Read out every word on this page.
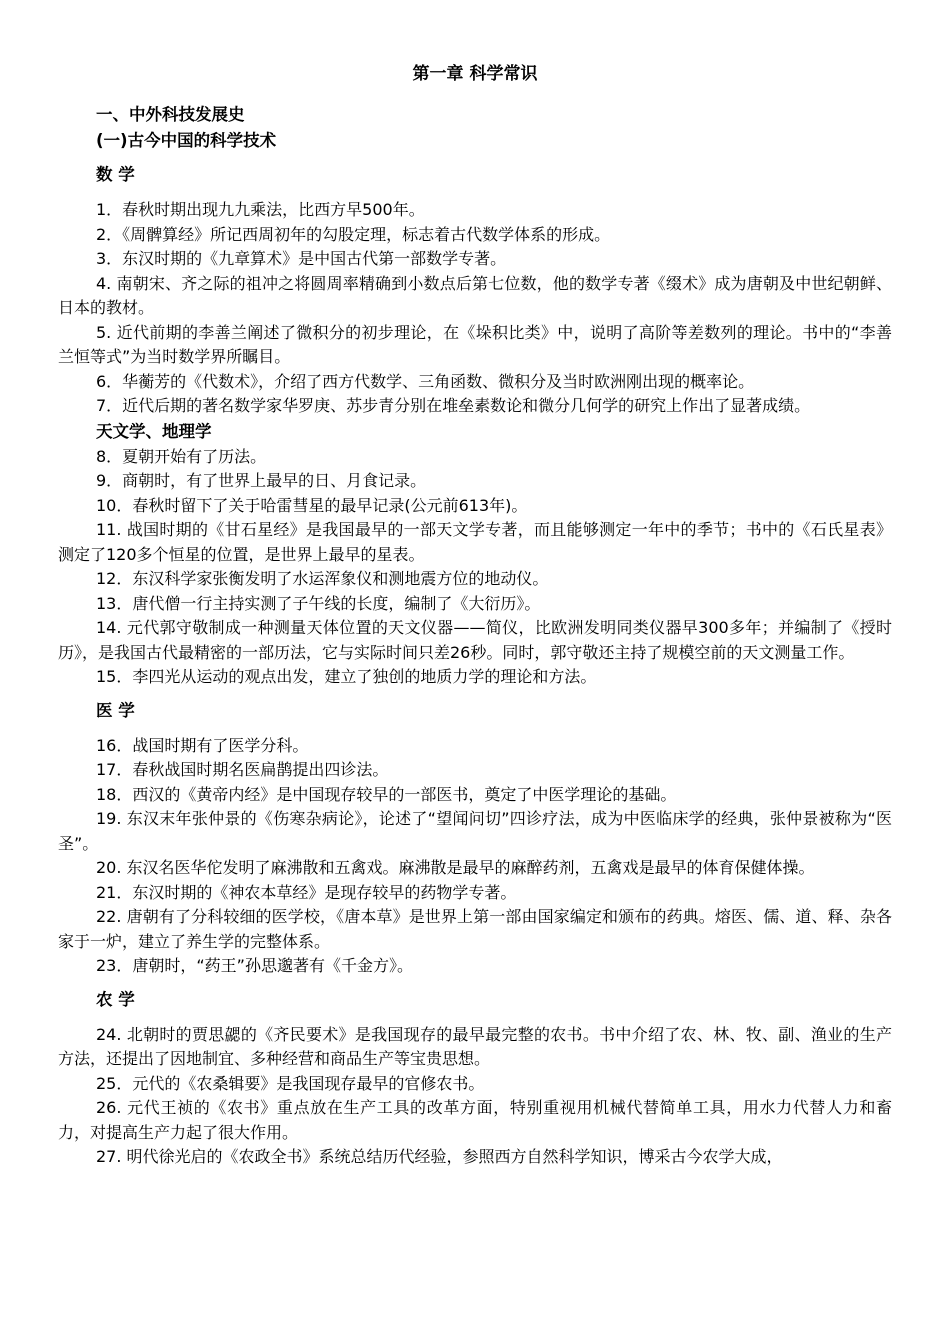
第一章 科学常识
一、中外科技发展史
(一)古今中国的科学技术
数 学

1．春秋时期出现九九乘法，比西方早500年。

2．《周髀算经》所记西周初年的勾股定理，标志着古代数学体系的形成。

3．东汉时期的《九章算术》是中国古代第一部数学专著。

4. 南朝宋、齐之际的祖冲之将圆周率精确到小数点后第七位数，他的数学专著《缀术》成为唐朝及中世纪朝鲜、日本的教材。

5. 近代前期的李善兰阐述了微积分的初步理论，在《垛积比类》中，说明了高阶等差数列的理论。书中的“李善兰恒等式”为当时数学界所瞩目。

6．华蘅芳的《代数术》，介绍了西方代数学、三角函数、微积分及当时欧洲刚出现的概率论。

7．近代后期的著名数学家华罗庚、苏步青分别在堆垒素数论和微分几何学的研究上作出了显著成绩。

天文学、地理学

8．夏朝开始有了历法。

9．商朝时，有了世界上最早的日、月食记录。

10．春秋时留下了关于哈雷彗星的最早记录(公元前613年)。

11. 战国时期的《甘石星经》是我国最早的一部天文学专著，而且能够测定一年中的季节；书中的《石氏星表》测定了120多个恒星的位置，是世界上最早的星表。

12．东汉科学家张衡发明了水运浑象仪和测地震方位的地动仪。

13．唐代僧一行主持实测了子午线的长度，编制了《大衍历》。

14. 元代郭守敬制成一种测量天体位置的天文仪器——简仪，比欧洲发明同类仪器早300多年；并编制了《授时历》，是我国古代最精密的一部历法，它与实际时间只差26秒。同时，郭守敬还主持了规模空前的天文测量工作。

15．李四光从运动的观点出发，建立了独创的地质力学的理论和方法。

医 学

16．战国时期有了医学分科。

17．春秋战国时期名医扁鹊提出四诊法。

18．西汉的《黄帝内经》是中国现存较早的一部医书，奠定了中医学理论的基础。

19. 东汉末年张仲景的《伤寒杂病论》，论述了“望闻问切”四诊疗法，成为中医临床学的经典，张仲景被称为“医圣”。

20. 东汉名医华佗发明了麻沸散和五禽戏。麻沸散是最早的麻醉药剂，五禽戏是最早的体育保健体操。

21．东汉时期的《神农本草经》是现存较早的药物学专著。

22. 唐朝有了分科较细的医学校，《唐本草》是世界上第一部由国家编定和颁布的药典。熔医、儒、道、释、杂各家于一炉，建立了养生学的完整体系。

23．唐朝时，“药王”孙思邈著有《千金方》。

农 学

24. 北朝时的贾思勰的《齐民要术》是我国现存的最早最完整的农书。书中介绍了农、林、牧、副、渔业的生产方法，还提出了因地制宜、多种经营和商品生产等宝贵思想。

25．元代的《农桑辑要》是我国现存最早的官修农书。

26. 元代王祯的《农书》重点放在生产工具的改革方面，特别重视用机械代替简单工具，用水力代替人力和畜力，对提高生产力起了很大作用。

27. 明代徐光启的《农政全书》系统总结历代经验，参照西方自然科学知识，博采古今农学大成，
